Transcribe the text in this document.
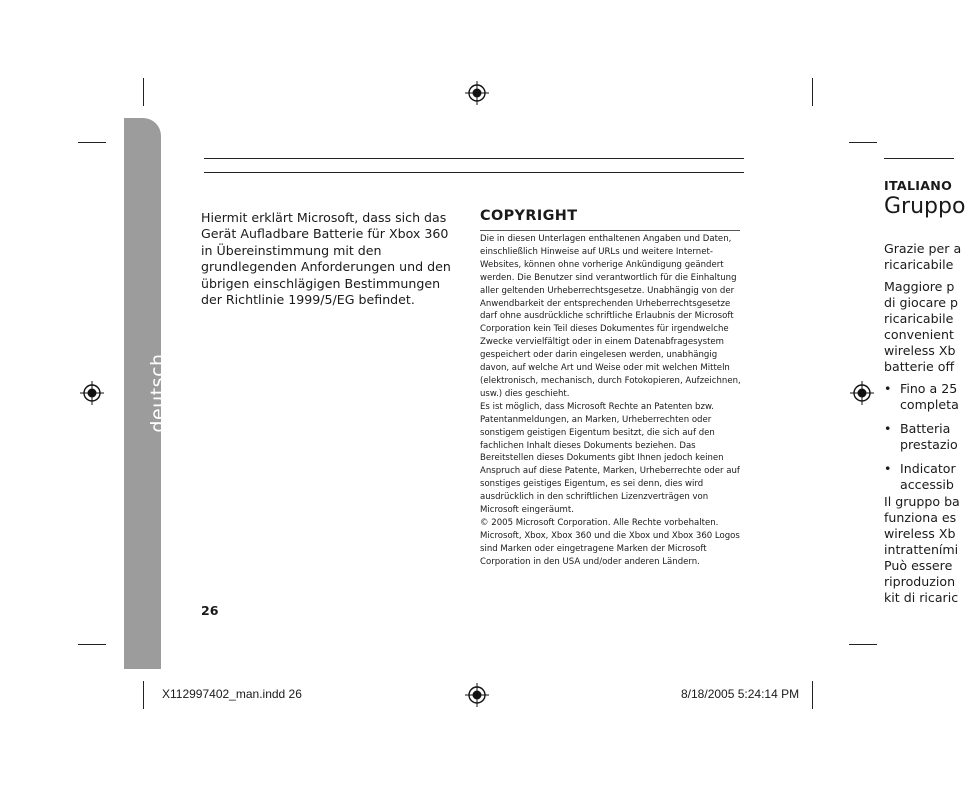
deutsch
Hiermit erklärt Microsoft, dass sich das Gerät Aufladbare Batterie für Xbox 360 in Übereinstimmung mit den grundlegenden Anforderungen und den übrigen einschlägigen Bestimmungen der Richtlinie 1999/5/EG befindet.
COPYRIGHT

Die in diesen Unterlagen enthaltenen Angaben und Daten, einschließlich Hinweise auf URLs und weitere Internet-Websites, können ohne vorherige Ankündigung geändert werden. Die Benutzer sind verantwortlich für die Einhaltung aller geltenden Urheberrechtsgesetze. Unabhängig von der Anwendbarkeit der entsprechenden Urheberrechtsgesetze darf ohne ausdrückliche schriftliche Erlaubnis der Microsoft Corporation kein Teil dieses Dokumentes für irgendwelche Zwecke vervielfältigt oder in einem Datenabfragesystem gespeichert oder darin eingelesen werden, unabhängig davon, auf welche Art und Weise oder mit welchen Mitteln (elektronisch, mechanisch, durch Fotokopieren, Aufzeichnen, usw.) dies geschieht.

Es ist möglich, dass Microsoft Rechte an Patenten bzw. Patentanmeldungen, an Marken, Urheberrechten oder sonstigem geistigen Eigentum besitzt, die sich auf den fachlichen Inhalt dieses Dokuments beziehen. Das Bereitstellen dieses Dokuments gibt Ihnen jedoch keinen Anspruch auf diese Patente, Marken, Urheberrechte oder auf sonstiges geistiges Eigentum, es sei denn, dies wird ausdrücklich in den schriftlichen Lizenzverträgen von Microsoft eingeräumt.

© 2005 Microsoft Corporation. Alle Rechte vorbehalten.

Microsoft, Xbox, Xbox 360 und die Xbox und Xbox 360 Logos sind Marken oder eingetragene Marken der Microsoft Corporation in den USA und/oder anderen Ländern.

26
ITALIANO
Gruppo
Grazie per a
ricaricabile
Maggiore p
di giocare p
ricaricabile
convenient
wireless Xb
batterie off
• Fino a 25
completa
• Batteria
prestazio
• Indicator
accessib
Il gruppo ba
funziona es
wireless Xb
intratteními
Può essere
riproduzion
kit di ricaric
X112997402_man.indd 26	8/18/2005 5:24:14 PM
